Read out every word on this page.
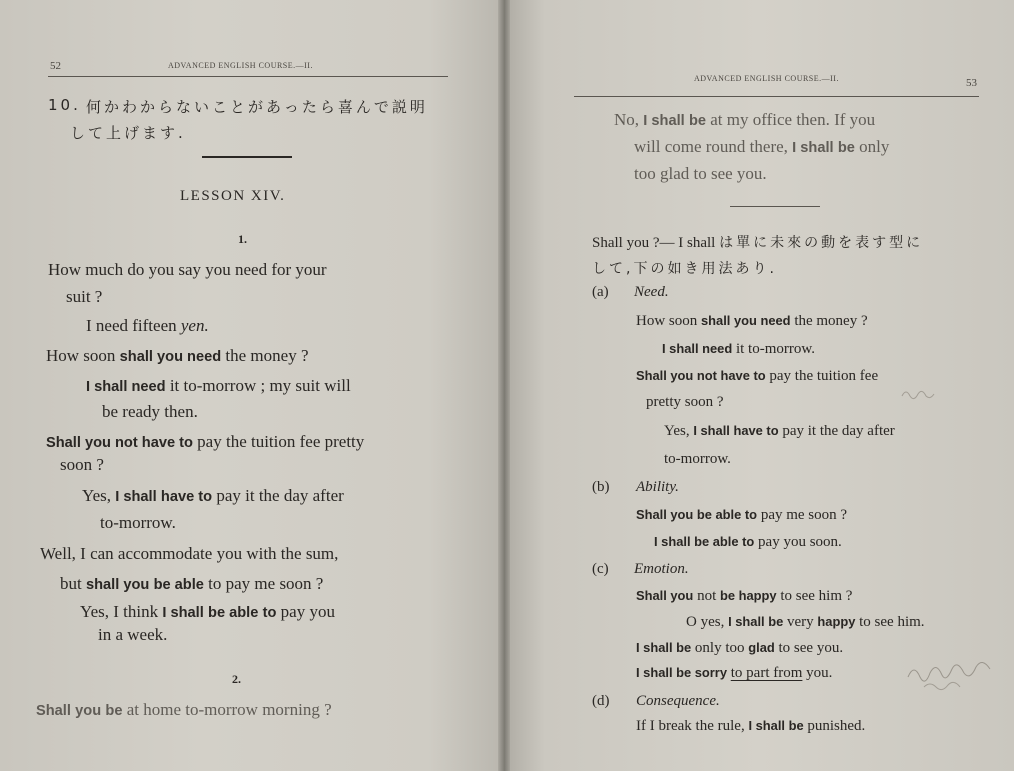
52	ADVANCED ENGLISH COURSE.—II.
10. 何かわからないことがあったら喜んで説明
して上げます.
LESSON XIV.
1.
How much do you say you need for your
suit ?
I need fifteen yen.
How soon shall you need the money ?
I shall need it to-morrow ; my suit will
be ready then.
Shall you not have to pay the tuition fee pretty
soon ?
Yes, I shall have to pay it the day after
to-morrow.
Well, I can accommodate you with the sum,
but shall you be able to pay me soon ?
Yes, I think I shall be able to pay you
in a week.
2.
Shall you be at home to-morrow morning ?
ADVANCED ENGLISH COURSE.—II.	53
No, I shall be at my office then. If you
will come round there, I shall be only
too glad to see you.
Shall you ?— I shall は單に未來の動を表す型に
して,下の如き用法あり.
(a) Need.
How soon shall you need the money ?
I shall need it to-morrow.
Shall you not have to pay the tuition fee
pretty soon ?
Yes, I shall have to pay it the day after
to-morrow.
(b) Ability.
Shall you be able to pay me soon ?
I shall be able to pay you soon.
(c) Emotion.
Shall you not be happy to see him ?
O yes, I shall be very happy to see him.
I shall be only too glad to see you.
I shall be sorry to part from you.
(d) Consequence.
If I break the rule, I shall be punished.
